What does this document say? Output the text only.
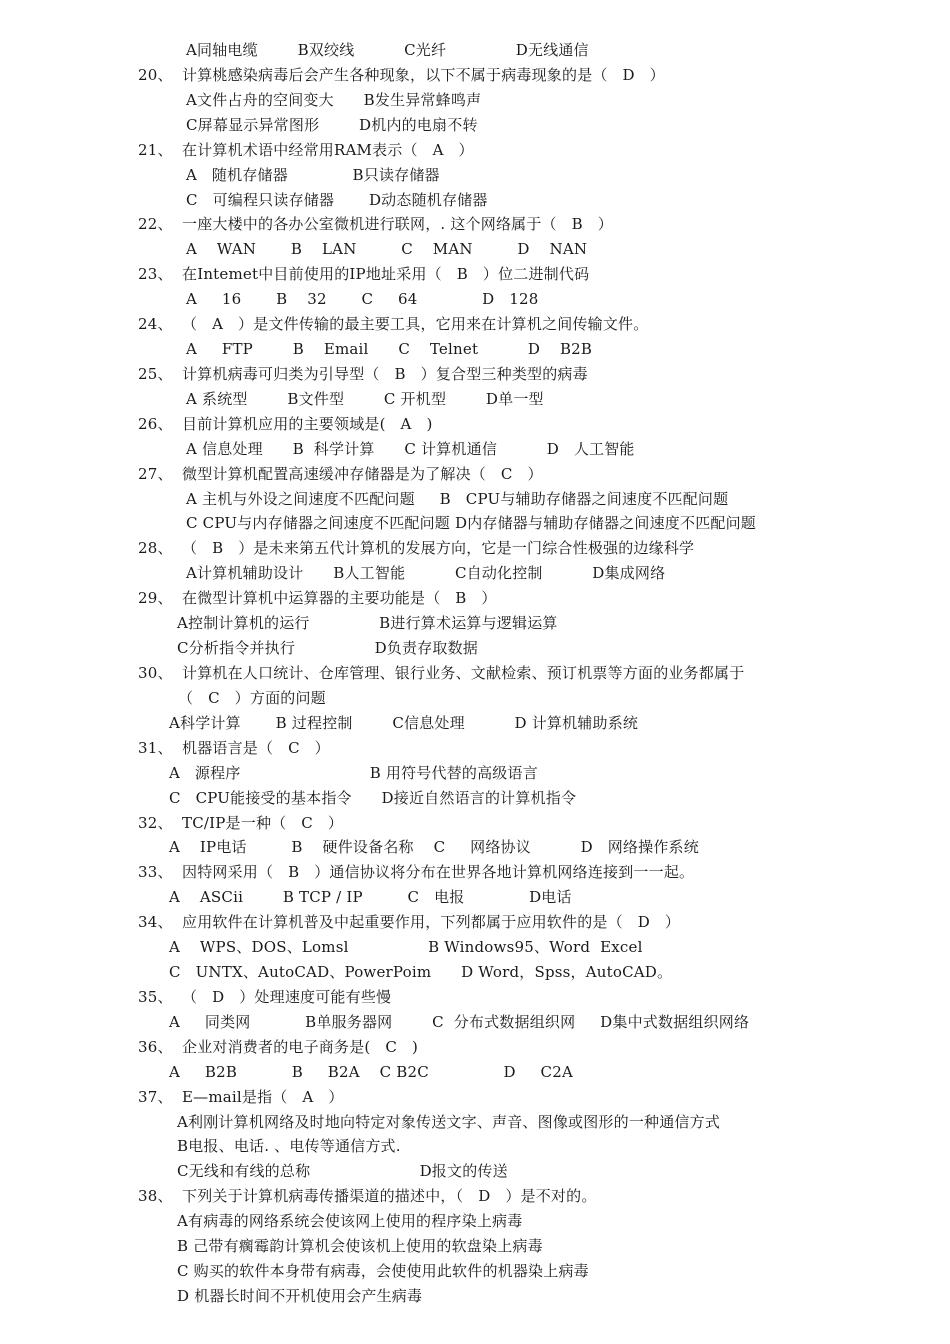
A同轴电缆        B双绞线          C光纤              D无线通信
20、 计算桃感染病毒后会产生各种现象，以下不属于病毒现象的是（   D   ）
A文件占舟的空间变大      B发生异常蜂鸣声
C屏幕显示异常图形        D机内的电扇不转
21、 在计算机术语中经常用RAM表示（   A   ）
A   随机存储器             B只读存储器
C   可编程只读存储器       D动态随机存储器
22、 一座大楼中的各办公室微机进行联网，. 这个网络属于（   B   ）
A    WAN       B    LAN         C    MAN         D    NAN
23、 在Intemet中目前使用的IP地址采用（   B   ）位二进制代码
A     16       B    32       C     64             D   128
24、 （   A   ）是文件传输的最主要工具，它用来在计算机之间传输文件。
A     FTP        B    Email      C    Telnet          D    B2B
25、 计算机病毒可归类为引导型（   B   ）复合型三种类型的病毒
A 系统型        B文件型        C 开机型        D单一型
26、 目前计算机应用的主要领域是(   A   )
A 信息处理      B  科学计算      C 计算机通信          D   人工智能
27、 微型计算机配置高速缓冲存储器是为了解决（   C   ）
A 主机与外设之间速度不匹配问题     B   CPU与辅助存储器之间速度不匹配问题
C CPU与内存储器之间速度不匹配问题 D内存储器与辅助存储器之间速度不匹配问题
28、 （   B   ）是未来第五代计算机的发展方向，它是一门综合性极强的边缘科学
A计算机辅助设计      B人工智能          C自动化控制          D集成网络
29、 在微型计算机中运算器的主要功能是（   B   ）
A控制计算机的运行              B进行算术运算与逻辑运算
C分析指令并执行                D负责存取数据
30、 计算机在人口统计、仓库管理、银行业务、文献检索、预订机票等方面的业务都属于
（   C   ）方面的问题
A科学计算       B 过程控制        C信息处理          D 计算机辅助系统
31、 机器语言是（   C   ）
A   源程序                          B 用符号代替的高级语言
C   CPU能接受的基本指令      D接近自然语言的计算机指令
32、 TC/IP是一种（   C   ）
A    IP电话         B    硬件设备名称    C     网络协议          D   网络操作系统
33、 因特网采用（   B   ）通信协议将分布在世界各地计算机网络连接到一一起。
A    ASCii        B TCP / IP         C   电报             D电话
34、 应用软件在计算机普及中起重要作用，下列都属于应用软件的是（   D   ）
A    WPS、DOS、Lomsl                B Windows95、Word  Excel
C   UNTX、AutoCAD、PowerPoim      D Word，Spss，AutoCAD。
35、 （   D   ）处理速度可能有些慢
A     同类网           B单服务器网        C  分布式数据组织网     D集中式数据组织网络
36、 企业对消费者的电子商务是(   C   )
A     B2B           B     B2A    C B2C               D     C2A
37、 E—mail是指（   A   ）
A利刚计算机网络及时地向特定对象传送文字、声音、图像或图形的一种通信方式
B电报、电话. 、电传等通信方式.
C无线和有线的总称                      D报文的传送
38、 下列关于计算机病毒传播渠道的描述中，（   D   ）是不对的。
A有病毒的网络系统会使该网上使用的程序染上病毒
B 己带有瘸霉韵计算机会使该机上使用的软盘染上病毒
C 购买的软件本身带有病毒，会使使用此软件的机器染上病毒
D 机器长时间不开机使用会产生病毒
